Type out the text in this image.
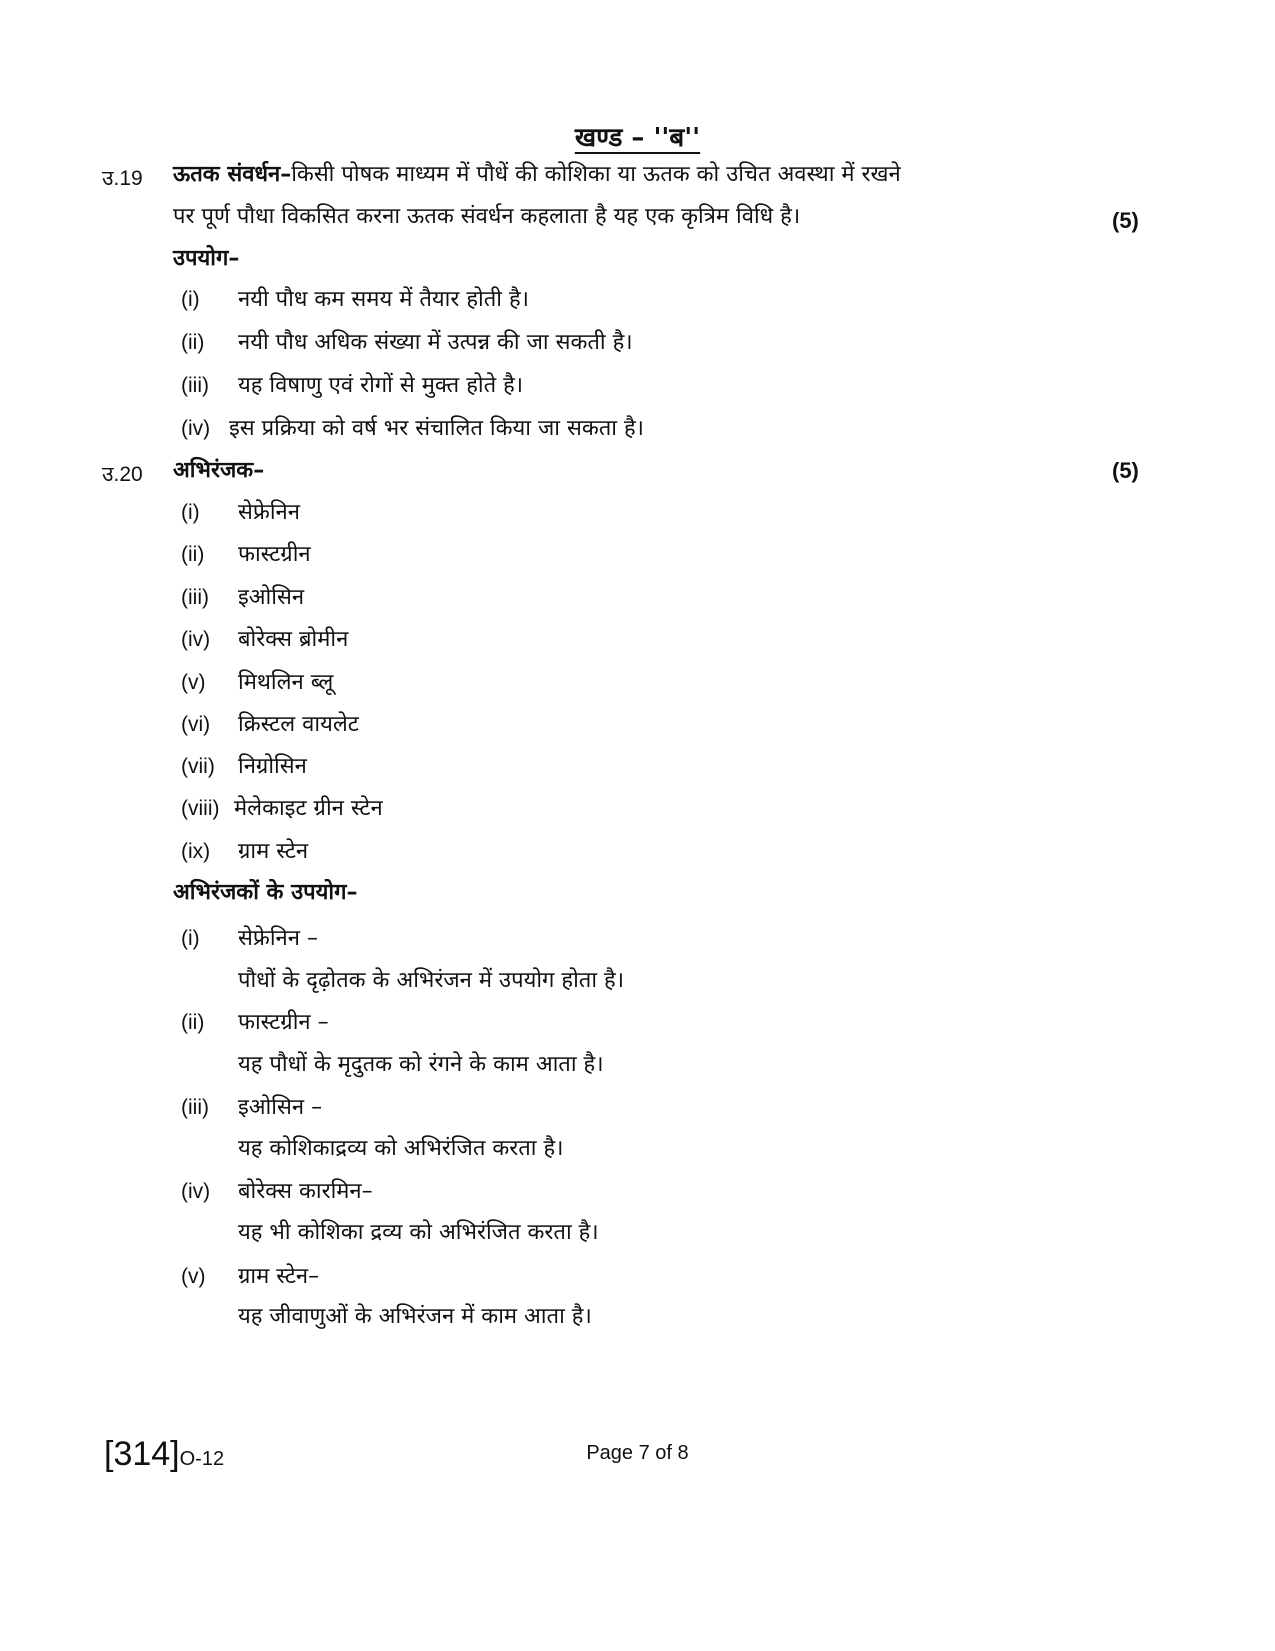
खण्ड – ''ब''
उ.19 ऊतक संवर्धन–किसी पोषक माध्यम में पौधें की कोशिका या ऊतक को उचित अवस्था में रखने
पर पूर्ण पौधा विकसित करना ऊतक संवर्धन कहलाता है यह एक कृत्रिम विधि है।	(5)
उपयोग–
(i) नयी पौध कम समय में तैयार होती है।
(ii) नयी पौध अधिक संख्या में उत्पन्न की जा सकती है।
(iii) यह विषाणु एवं रोगों से मुक्त होते है।
(iv) इस प्रक्रिया को वर्ष भर संचालित किया जा सकता है।
उ.20 अभिरंजक–	(5)
(i) सेफ्रेनिन
(ii) फास्टग्रीन
(iii) इओसिन
(iv) बोरेक्स ब्रोमीन
(v) मिथलिन ब्लू
(vi) क्रिस्टल वायलेट
(vii) निग्रोसिन
(viii) मेलेकाइट ग्रीन स्टेन
(ix) ग्राम स्टेन
अभिरंजकों के उपयोग–
(i) सेफ्रेनिन –
पौधों के दृढ़ोतक के अभिरंजन में उपयोग होता है।
(ii) फास्टग्रीन –
यह पौधों के मृदुतक को रंगने के काम आता है।
(iii) इओसिन –
यह कोशिकाद्रव्य को अभिरंजित करता है।
(iv) बोरेक्स कारमिन–
यह भी कोशिका द्रव्य को अभिरंजित करता है।
(v) ग्राम स्टेन–
यह जीवाणुओं के अभिरंजन में काम आता है।
[314]O-12	Page 7 of 8
